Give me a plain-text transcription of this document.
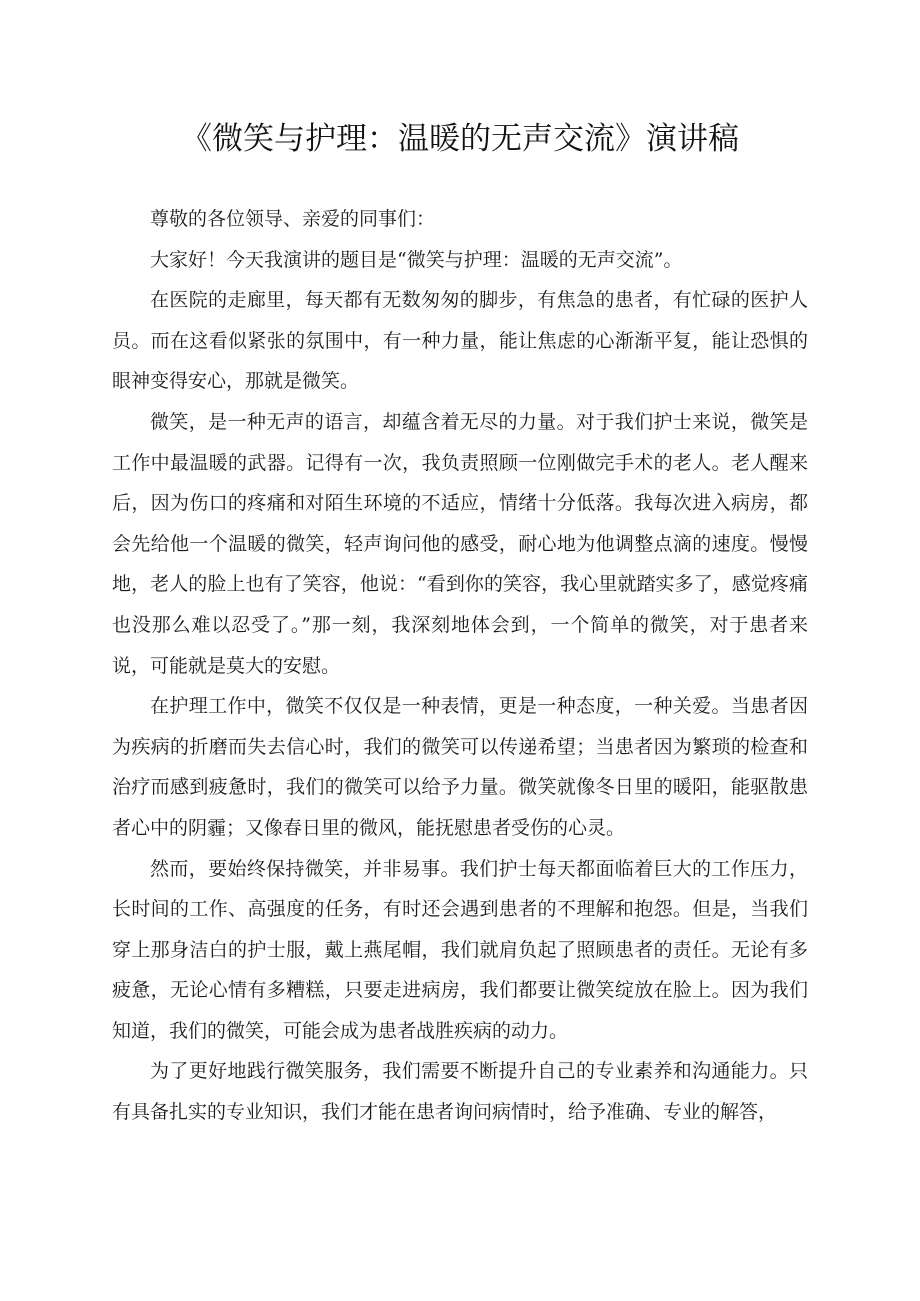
《微笑与护理：温暖的无声交流》演讲稿

尊敬的各位领导、亲爱的同事们：

大家好！今天我演讲的题目是“微笑与护理：温暖的无声交流”。

在医院的走廊里，每天都有无数匆匆的脚步，有焦急的患者，有忙碌的医护人员。而在这看似紧张的氛围中，有一种力量，能让焦虑的心渐渐平复，能让恐惧的眼神变得安心，那就是微笑。

微笑，是一种无声的语言，却蕴含着无尽的力量。对于我们护士来说，微笑是工作中最温暖的武器。记得有一次，我负责照顾一位刚做完手术的老人。老人醒来后，因为伤口的疼痛和对陌生环境的不适应，情绪十分低落。我每次进入病房，都会先给他一个温暖的微笑，轻声询问他的感受，耐心地为他调整点滴的速度。慢慢地，老人的脸上也有了笑容，他说：“看到你的笑容，我心里就踏实多了，感觉疼痛也没那么难以忍受了。”那一刻，我深刻地体会到，一个简单的微笑，对于患者来说，可能就是莫大的安慰。

在护理工作中，微笑不仅仅是一种表情，更是一种态度，一种关爱。当患者因为疾病的折磨而失去信心时，我们的微笑可以传递希望；当患者因为繁琐的检查和治疗而感到疲惫时，我们的微笑可以给予力量。微笑就像冬日里的暖阳，能驱散患者心中的阴霾；又像春日里的微风，能抚慰患者受伤的心灵。

然而，要始终保持微笑，并非易事。我们护士每天都面临着巨大的工作压力，长时间的工作、高强度的任务，有时还会遇到患者的不理解和抱怨。但是，当我们穿上那身洁白的护士服，戴上燕尾帽，我们就肩负起了照顾患者的责任。无论有多疲惫，无论心情有多糟糕，只要走进病房，我们都要让微笑绽放在脸上。因为我们知道，我们的微笑，可能会成为患者战胜疾病的动力。

为了更好地践行微笑服务，我们需要不断提升自己的专业素养和沟通能力。只有具备扎实的专业知识，我们才能在患者询问病情时，给予准确、专业的解答，
